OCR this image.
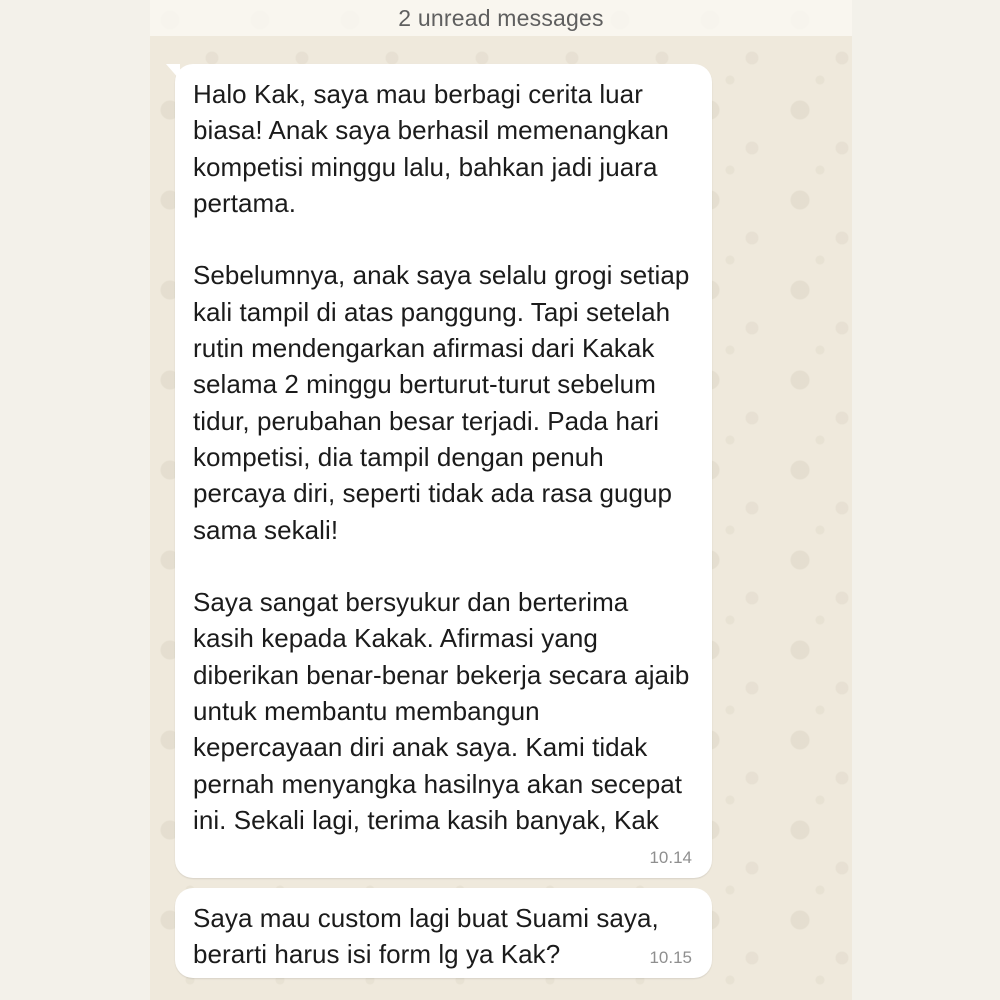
2 unread messages

Halo Kak, saya mau berbagi cerita luar biasa! Anak saya berhasil memenangkan kompetisi minggu lalu, bahkan jadi juara pertama.

Sebelumnya, anak saya selalu grogi setiap kali tampil di atas panggung. Tapi setelah rutin mendengarkan afirmasi dari Kakak selama 2 minggu berturut-turut sebelum tidur, perubahan besar terjadi. Pada hari kompetisi, dia tampil dengan penuh percaya diri, seperti tidak ada rasa gugup sama sekali!

Saya sangat bersyukur dan berterima kasih kepada Kakak. Afirmasi yang diberikan benar-benar bekerja secara ajaib untuk membantu membangun kepercayaan diri anak saya. Kami tidak pernah menyangka hasilnya akan secepat ini. Sekali lagi, terima kasih banyak, Kak

10.14

Saya mau custom lagi buat Suami saya, berarti harus isi form lg ya Kak?	10.15
